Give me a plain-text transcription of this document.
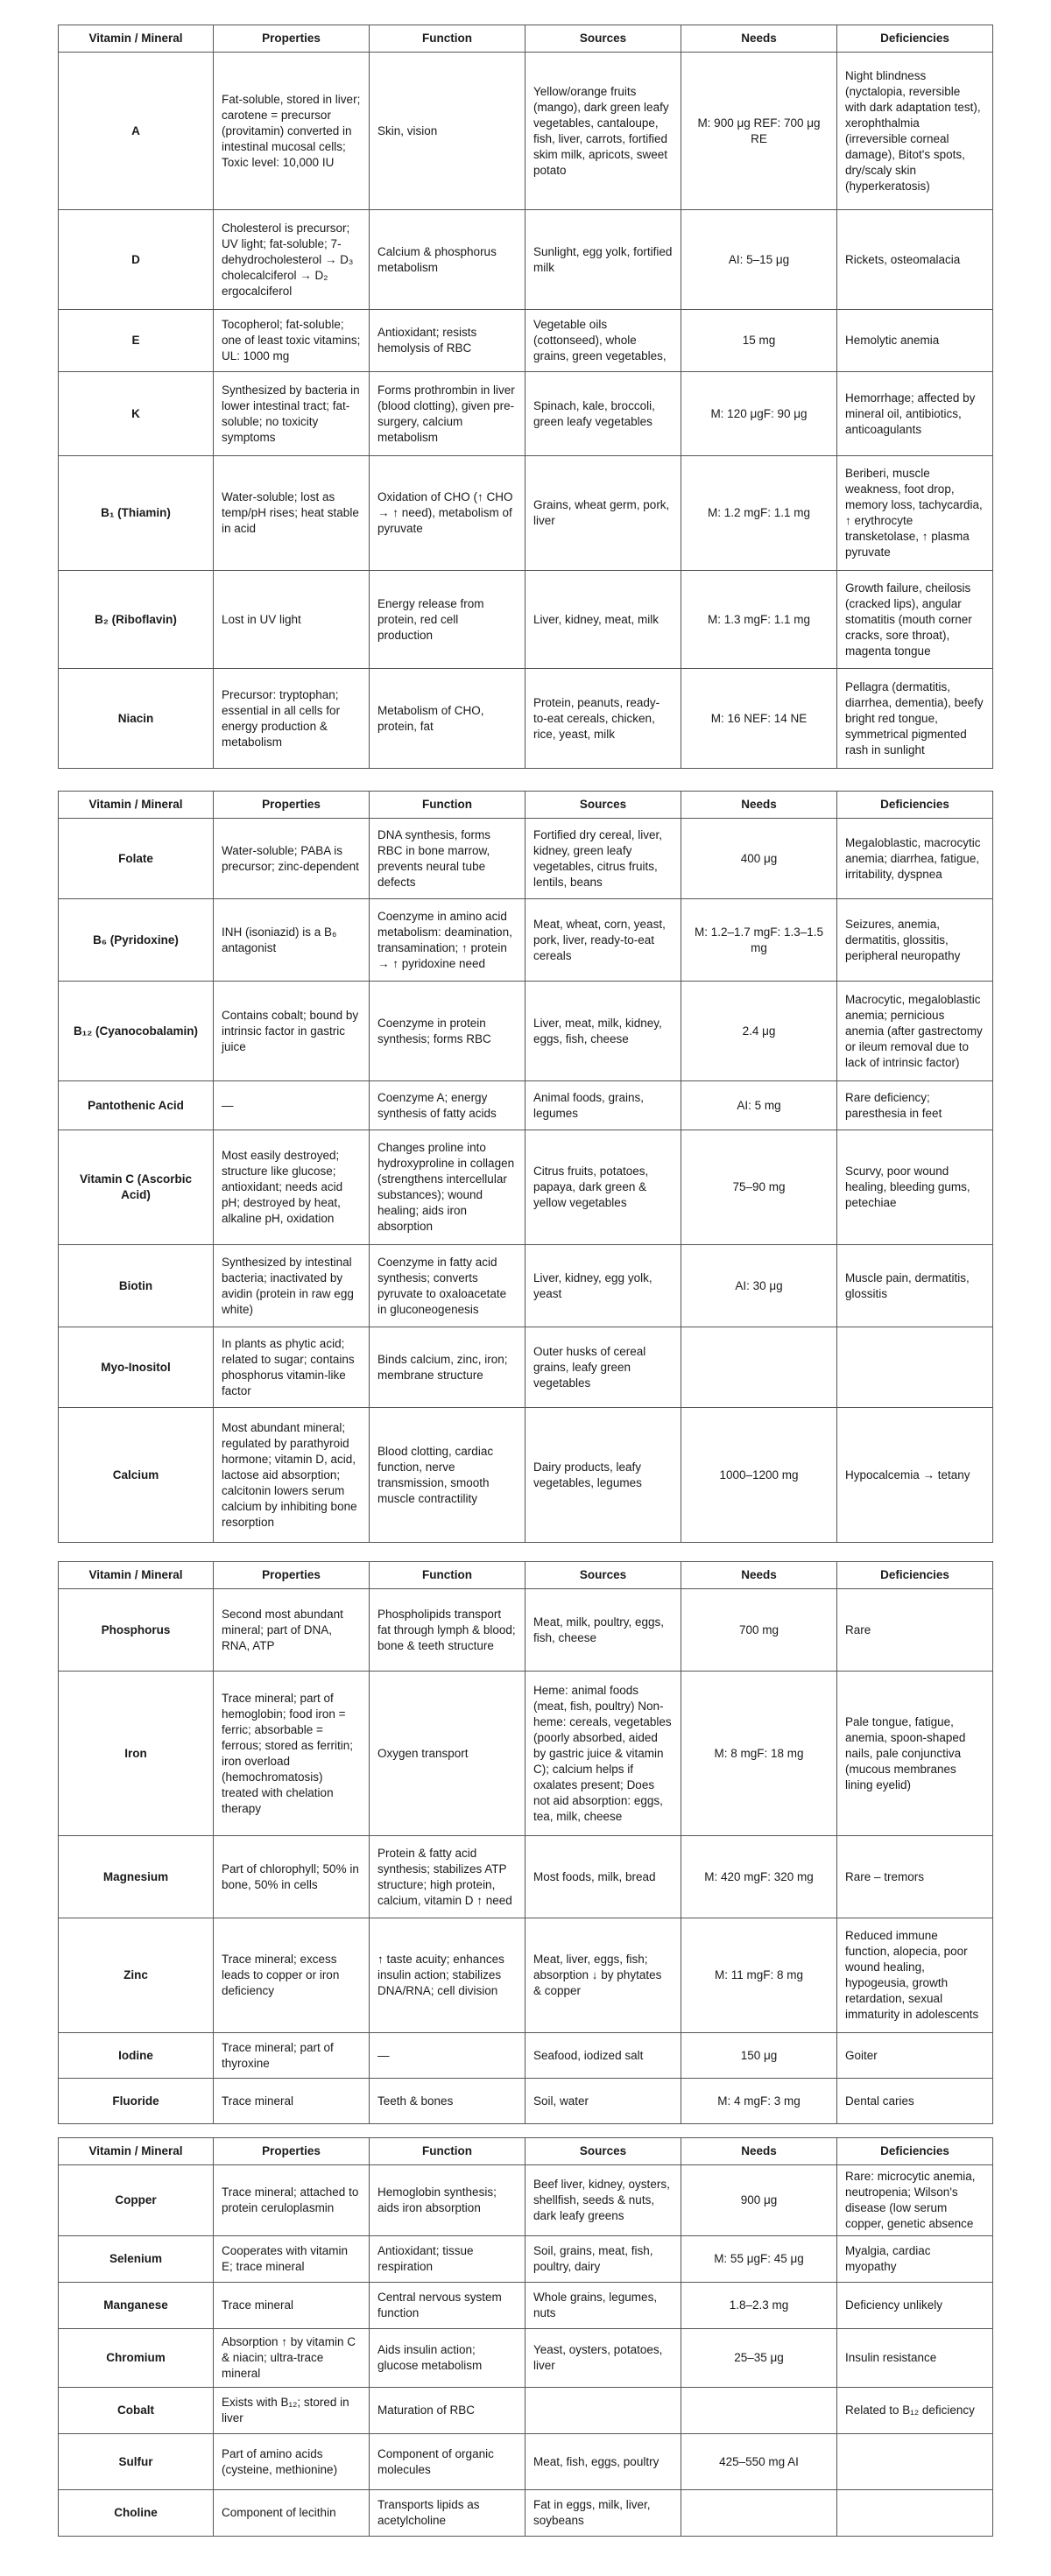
Vitamin / Mineral	Properties	Function	Sources	Needs	Deficiencies
A	Fat-soluble, stored in liver; carotene = precursor (provitamin) converted in intestinal mucosal cells; Toxic level: 10,000 IU	Skin, vision	Yellow/orange fruits (mango), dark green leafy vegetables, cantaloupe, fish, liver, carrots, fortified skim milk, apricots, sweet potato	M: 900 μg REF: 700 μg RE	Night blindness (nyctalopia, reversible with dark adaptation test), xerophthalmia (irreversible corneal damage), Bitot's spots, dry/scaly skin (hyperkeratosis)
D	Cholesterol is precursor; UV light; fat-soluble; 7-dehydrocholesterol → D₃ cholecalciferol → D₂ ergocalciferol	Calcium & phosphorus metabolism	Sunlight, egg yolk, fortified milk	AI: 5–15 μg	Rickets, osteomalacia
E	Tocopherol; fat-soluble; one of least toxic vitamins; UL: 1000 mg	Antioxidant; resists hemolysis of RBC	Vegetable oils (cottonseed), whole grains, green vegetables,	15 mg	Hemolytic anemia
K	Synthesized by bacteria in lower intestinal tract; fat-soluble; no toxicity symptoms	Forms prothrombin in liver (blood clotting), given pre-surgery, calcium metabolism	Spinach, kale, broccoli, green leafy vegetables	M: 120 μgF: 90 μg	Hemorrhage; affected by mineral oil, antibiotics, anticoagulants
B₁ (Thiamin)	Water-soluble; lost as temp/pH rises; heat stable in acid	Oxidation of CHO (↑ CHO → ↑ need), metabolism of pyruvate	Grains, wheat germ, pork, liver	M: 1.2 mgF: 1.1 mg	Beriberi, muscle weakness, foot drop, memory loss, tachycardia, ↑ erythrocyte transketolase, ↑ plasma pyruvate
B₂ (Riboflavin)	Lost in UV light	Energy release from protein, red cell production	Liver, kidney, meat, milk	M: 1.3 mgF: 1.1 mg	Growth failure, cheilosis (cracked lips), angular stomatitis (mouth corner cracks, sore throat), magenta tongue
Niacin	Precursor: tryptophan; essential in all cells for energy production & metabolism	Metabolism of CHO, protein, fat	Protein, peanuts, ready-to-eat cereals, chicken, rice, yeast, milk	M: 16 NEF: 14 NE	Pellagra (dermatitis, diarrhea, dementia), beefy bright red tongue, symmetrical pigmented rash in sunlight
Vitamin / Mineral	Properties	Function	Sources	Needs	Deficiencies
Folate	Water-soluble; PABA is precursor; zinc-dependent	DNA synthesis, forms RBC in bone marrow, prevents neural tube defects	Fortified dry cereal, liver, kidney, green leafy vegetables, citrus fruits, lentils, beans	400 μg	Megaloblastic, macrocytic anemia; diarrhea, fatigue, irritability, dyspnea
B₆ (Pyridoxine)	INH (isoniazid) is a B₆ antagonist	Coenzyme in amino acid metabolism: deamination, transamination; ↑ protein → ↑ pyridoxine need	Meat, wheat, corn, yeast, pork, liver, ready-to-eat cereals	M: 1.2–1.7 mgF: 1.3–1.5 mg	Seizures, anemia, dermatitis, glossitis, peripheral neuropathy
B₁₂ (Cyanocobalamin)	Contains cobalt; bound by intrinsic factor in gastric juice	Coenzyme in protein synthesis; forms RBC	Liver, meat, milk, kidney, eggs, fish, cheese	2.4 μg	Macrocytic, megaloblastic anemia; pernicious anemia (after gastrectomy or ileum removal due to lack of intrinsic factor)
Pantothenic Acid	—	Coenzyme A; energy synthesis of fatty acids	Animal foods, grains, legumes	AI: 5 mg	Rare deficiency; paresthesia in feet
Vitamin C (Ascorbic Acid)	Most easily destroyed; structure like glucose; antioxidant; needs acid pH; destroyed by heat, alkaline pH, oxidation	Changes proline into hydroxyproline in collagen (strengthens intercellular substances); wound healing; aids iron absorption	Citrus fruits, potatoes, papaya, dark green & yellow vegetables	75–90 mg	Scurvy, poor wound healing, bleeding gums, petechiae
Biotin	Synthesized by intestinal bacteria; inactivated by avidin (protein in raw egg white)	Coenzyme in fatty acid synthesis; converts pyruvate to oxaloacetate in gluconeogenesis	Liver, kidney, egg yolk, yeast	AI: 30 μg	Muscle pain, dermatitis, glossitis
Myo-Inositol	In plants as phytic acid; related to sugar; contains phosphorus vitamin-like factor	Binds calcium, zinc, iron; membrane structure	Outer husks of cereal grains, leafy green vegetables		
Calcium	Most abundant mineral; regulated by parathyroid hormone; vitamin D, acid, lactose aid absorption; calcitonin lowers serum calcium by inhibiting bone resorption	Blood clotting, cardiac function, nerve transmission, smooth muscle contractility	Dairy products, leafy vegetables, legumes	1000–1200 mg	Hypocalcemia → tetany
Vitamin / Mineral	Properties	Function	Sources	Needs	Deficiencies
Phosphorus	Second most abundant mineral; part of DNA, RNA, ATP	Phospholipids transport fat through lymph & blood; bone & teeth structure	Meat, milk, poultry, eggs, fish, cheese	700 mg	Rare
Iron	Trace mineral; part of hemoglobin; food iron = ferric; absorbable = ferrous; stored as ferritin; iron overload (hemochromatosis) treated with chelation therapy	Oxygen transport	Heme: animal foods (meat, fish, poultry) Non-heme: cereals, vegetables (poorly absorbed, aided by gastric juice & vitamin C); calcium helps if oxalates present; Does not aid absorption: eggs, tea, milk, cheese	M: 8 mgF: 18 mg	Pale tongue, fatigue, anemia, spoon-shaped nails, pale conjunctiva (mucous membranes lining eyelid)
Magnesium	Part of chlorophyll; 50% in bone, 50% in cells	Protein & fatty acid synthesis; stabilizes ATP structure; high protein, calcium, vitamin D ↑ need	Most foods, milk, bread	M: 420 mgF: 320 mg	Rare – tremors
Zinc	Trace mineral; excess leads to copper or iron deficiency	↑ taste acuity; enhances insulin action; stabilizes DNA/RNA; cell division	Meat, liver, eggs, fish; absorption ↓ by phytates & copper	M: 11 mgF: 8 mg	Reduced immune function, alopecia, poor wound healing, hypogeusia, growth retardation, sexual immaturity in adolescents
Iodine	Trace mineral; part of thyroxine	—	Seafood, iodized salt	150 μg	Goiter
Fluoride	Trace mineral	Teeth & bones	Soil, water	M: 4 mgF: 3 mg	Dental caries
Vitamin / Mineral	Properties	Function	Sources	Needs	Deficiencies
Copper	Trace mineral; attached to protein ceruloplasmin	Hemoglobin synthesis; aids iron absorption	Beef liver, kidney, oysters, shellfish, seeds & nuts, dark leafy greens	900 μg	Rare: microcytic anemia, neutropenia; Wilson's disease (low serum copper, genetic absence
Selenium	Cooperates with vitamin E; trace mineral	Antioxidant; tissue respiration	Soil, grains, meat, fish, poultry, dairy	M: 55 μgF: 45 μg	Myalgia, cardiac myopathy
Manganese	Trace mineral	Central nervous system function	Whole grains, legumes, nuts	1.8–2.3 mg	Deficiency unlikely
Chromium	Absorption ↑ by vitamin C & niacin; ultra-trace mineral	Aids insulin action; glucose metabolism	Yeast, oysters, potatoes, liver	25–35 μg	Insulin resistance
Cobalt	Exists with B₁₂; stored in liver	Maturation of RBC			Related to B₁₂ deficiency
Sulfur	Part of amino acids (cysteine, methionine)	Component of organic molecules	Meat, fish, eggs, poultry	425–550 mg AI	
Choline	Component of lecithin	Transports lipids as acetylcholine	Fat in eggs, milk, liver, soybeans		
